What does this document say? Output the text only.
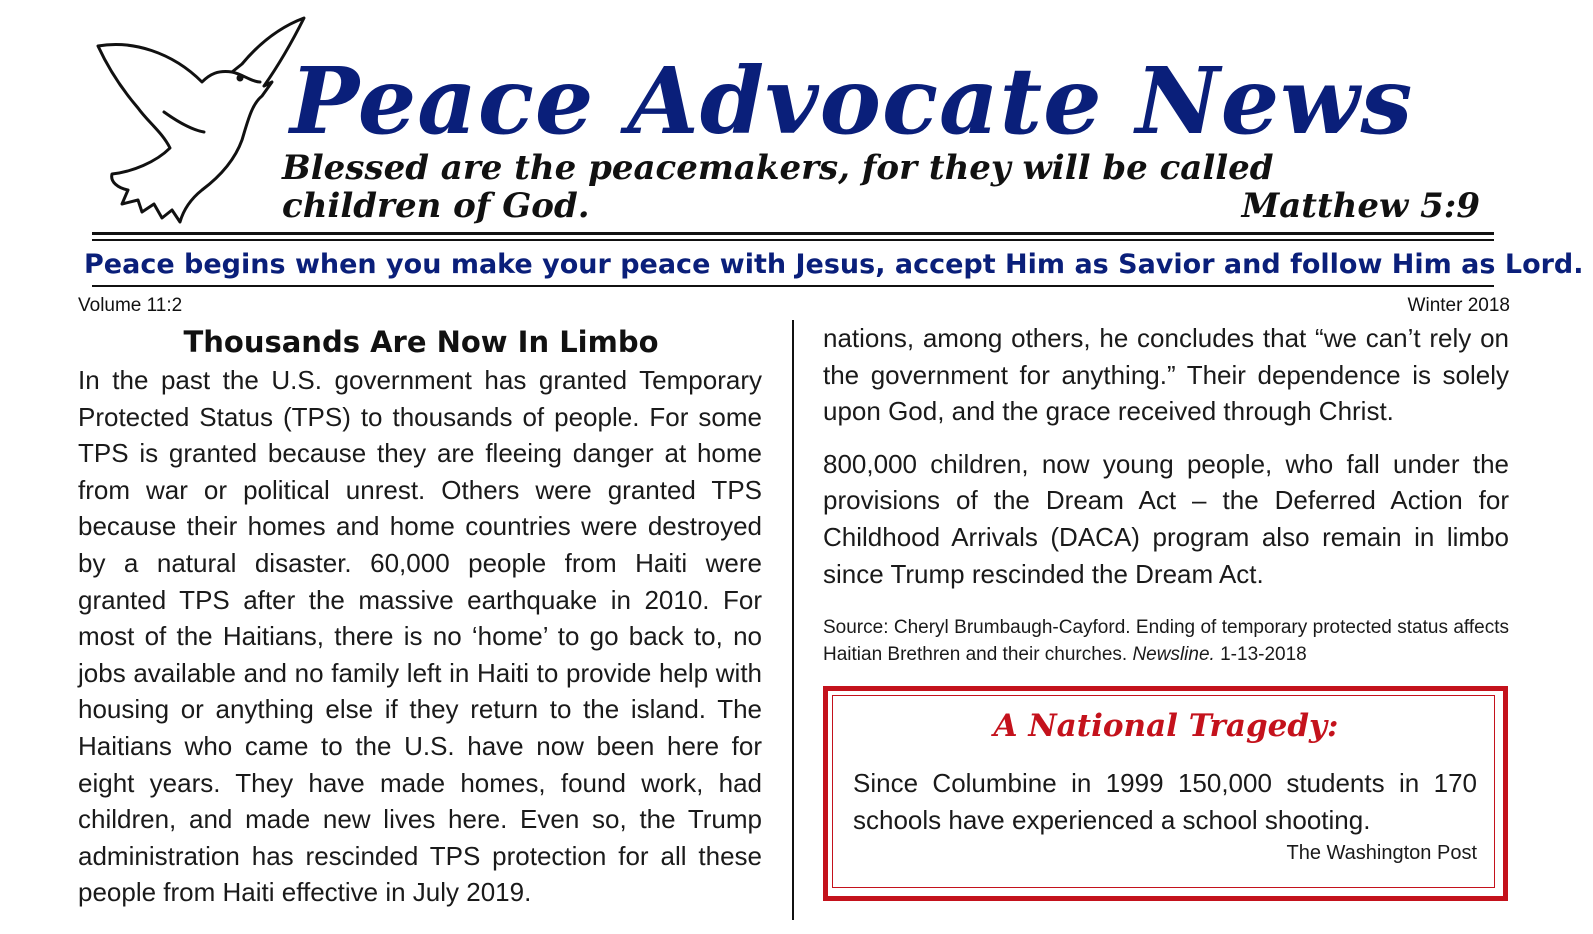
Peace Advocate News
Blessed are the peacemakers, for they will be called
children of God.	Matthew 5:9
Peace begins when you make your peace with Jesus, accept Him as Savior and follow Him as Lord.
Volume 11:2	Winter 2018
Thousands Are Now In Limbo

In the past the U.S. government has granted Temporary Protected Status (TPS) to thousands of people. For some TPS is granted because they are fleeing danger at home from war or political unrest. Others were granted TPS because their homes and home countries were destroyed by a natural disaster. 60,000 people from Haiti were granted TPS after the massive earthquake in 2010. For most of the Haitians, there is no ‘home’ to go back to, no jobs available and no family left in Haiti to provide help with housing or anything else if they return to the island. The Haitians who came to the U.S. have now been here for eight years. They have made homes, found work, had children, and made new lives here. Even so, the Trump administration has rescinded TPS protection for all these people from Haiti effective in July 2019.

nations, among others, he concludes that “we can’t rely on the government for anything.” Their dependence is solely upon God, and the grace received through Christ.

800,000 children, now young people, who fall under the provisions of the Dream Act – the Deferred Action for Childhood Arrivals (DACA) program also remain in limbo since Trump rescinded the Dream Act.

Source: Cheryl Brumbaugh-Cayford. Ending of temporary protected status affects Haitian Brethren and their churches. Newsline. 1-13-2018
A National Tragedy:
Since Columbine in 1999 150,000 students in 170 schools have experienced a school shooting.
The Washington Post
